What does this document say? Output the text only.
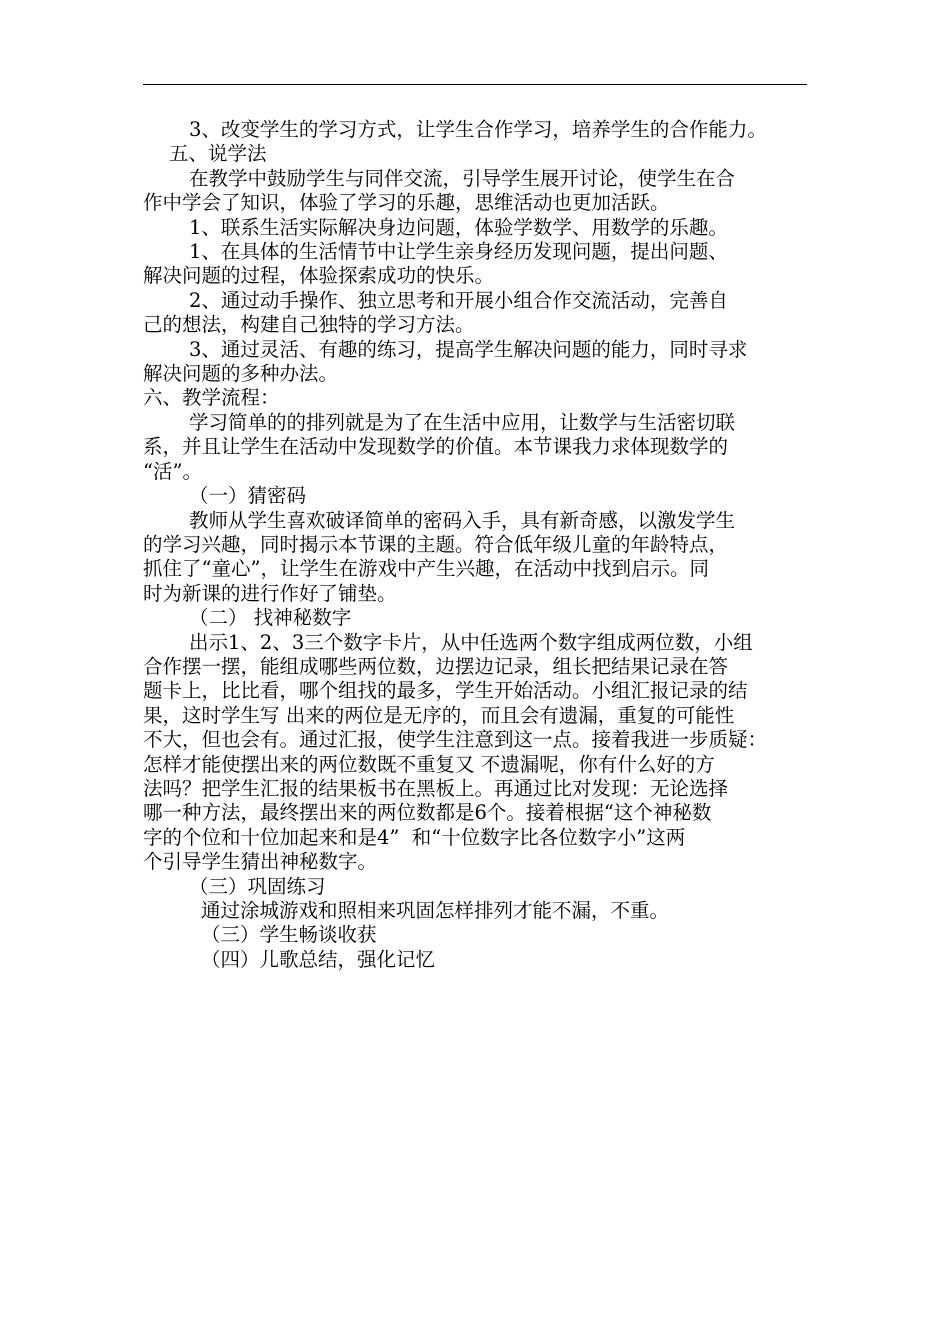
3、改变学生的学习方式，让学生合作学习，培养学生的合作能力。

五、说学法

在教学中鼓励学生与同伴交流，引导学生展开讨论，使学生在合

作中学会了知识，体验了学习的乐趣，思维活动也更加活跃。

1、联系生活实际解决身边问题，体验学数学、用数学的乐趣。

1、在具体的生活情节中让学生亲身经历发现问题，提出问题、

解决问题的过程，体验探索成功的快乐。

2、通过动手操作、独立思考和开展小组合作交流活动，完善自

己的想法，构建自己独特的学习方法。

3、通过灵活、有趣的练习，提高学生解决问题的能力，同时寻求

解决问题的多种办法。

六、教学流程：

学习简单的的排列就是为了在生活中应用，让数学与生活密切联

系，并且让学生在活动中发现数学的价值。本节课我力求体现数学的

“活”。

（一）猜密码

教师从学生喜欢破译简单的密码入手，具有新奇感，以激发学生

的学习兴趣，同时揭示本节课的主题。符合低年级儿童的年龄特点，

抓住了“童心”，让学生在游戏中产生兴趣，在活动中找到启示。同

时为新课的进行作好了铺垫。

（二） 找神秘数字

出示1、2、3三个数字卡片，从中任选两个数字组成两位数，小组

合作摆一摆，能组成哪些两位数，边摆边记录，组长把结果记录在答

题卡上，比比看，哪个组找的最多，学生开始活动。小组汇报记录的结

果，这时学生写 出来的两位是无序的，而且会有遗漏，重复的可能性

不大，但也会有。通过汇报，使学生注意到这一点。接着我进一步质疑：

怎样才能使摆出来的两位数既不重复又 不遗漏呢，你有什么好的方

法吗？把学生汇报的结果板书在黑板上。再通过比对发现：无论选择

哪一种方法，最终摆出来的两位数都是6个。接着根据“这个神秘数

字的个位和十位加起来和是4”  和“十位数字比各位数字小”这两

个引导学生猜出神秘数字。

（三）巩固练习

通过涂城游戏和照相来巩固怎样排列才能不漏，不重。

（三）学生畅谈收获

（四）儿歌总结，强化记忆
